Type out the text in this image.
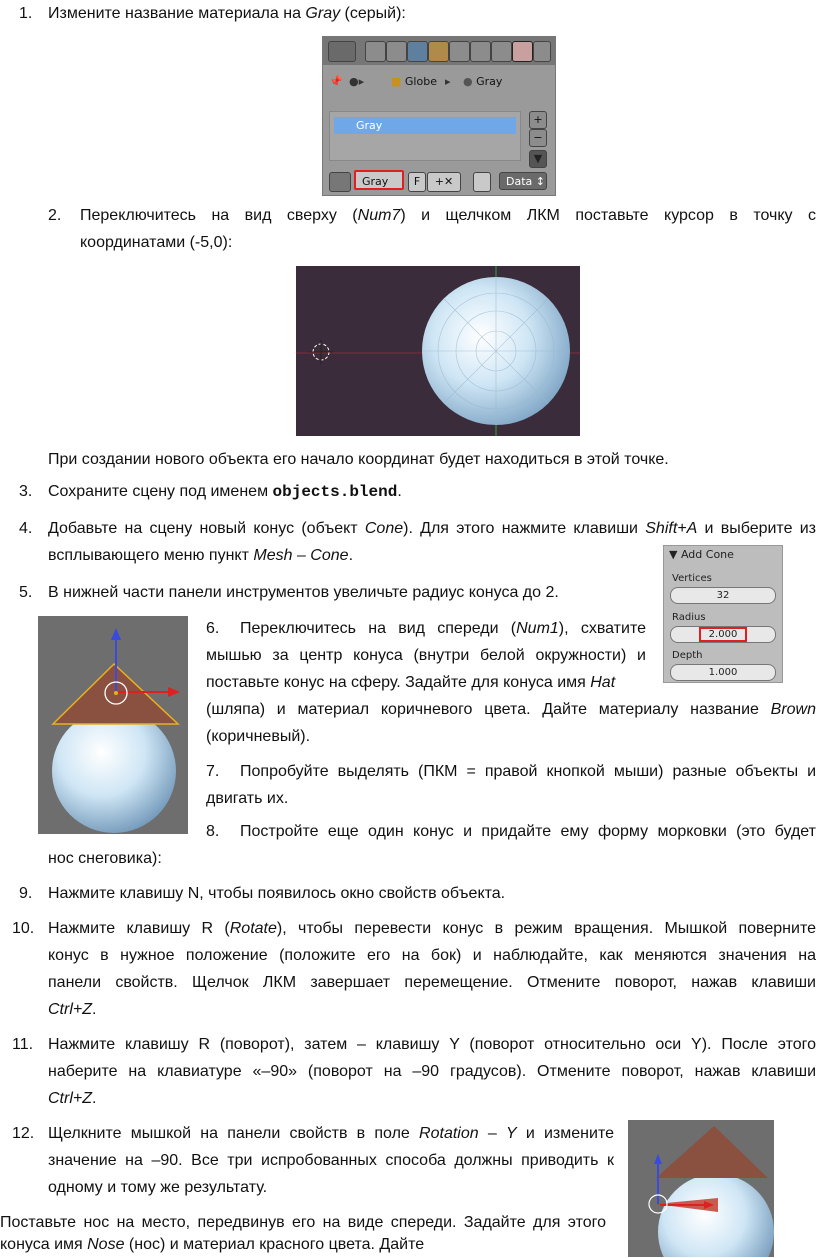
1. Измените название материала на Gray (серый):

📌 ●▸ ■ Globe ▸ ● Gray
Gray	+
−
▼
Gray	F	+✕	Data ↕
2. Переключитесь на вид сверху (Num7) и щелчком ЛКМ поставьте курсор в точку с

координатами (-5,0):

При создании нового объекта его начало координат будет находиться в этой точке.

3. Сохраните сцену под именем objects.blend.

4. Добавьте на сцену новый конус (объект Cone). Для этого нажмите клавиши Shift+A и выберите из

всплывающего меню пункт Mesh – Cone.	▼ Add Cone
Vertices
32
Radius
2.000
Depth
1.000
5. В нижней части панели инструментов увеличьте радиус конуса до 2.

6. Переключитесь на вид спереди (Num1), схватите

мышью за центр конуса (внутри белой окружности) и

поставьте конус на сферу. Задайте для конуса имя Hat

(шляпа) и материал коричневого цвета. Дайте материалу название Brown

(коричневый).

7. Попробуйте выделять (ПКМ = правой кнопкой мыши) разные объекты и

двигать их.

8. Постройте еще один конус и придайте ему форму морковки (это будет

нос снеговика):

9. Нажмите клавишу N, чтобы появилось окно свойств объекта.

10. Нажмите клавишу R (Rotate), чтобы перевести конус в режим вращения. Мышкой поверните

конус в нужное положение (положите его на бок) и наблюдайте, как меняются значения на

панели свойств. Щелчок ЛКМ завершает перемещение. Отмените поворот, нажав клавиши

Ctrl+Z.

11. Нажмите клавишу R (поворот), затем – клавишу Y (поворот относительно оси Y). После этого

наберите на клавиатуре «–90» (поворот на –90 градусов). Отмените поворот, нажав клавиши

Ctrl+Z.

12. Щелкните мышкой на панели свойств в поле Rotation – Y и измените

значение на –90. Все три испробованных способа должны приводить к

одному и тому же результату.

Поставьте нос на место, передвинув его на виде спереди. Задайте для этого

конуса имя Nose (нос) и материал красного цвета. Дайте
